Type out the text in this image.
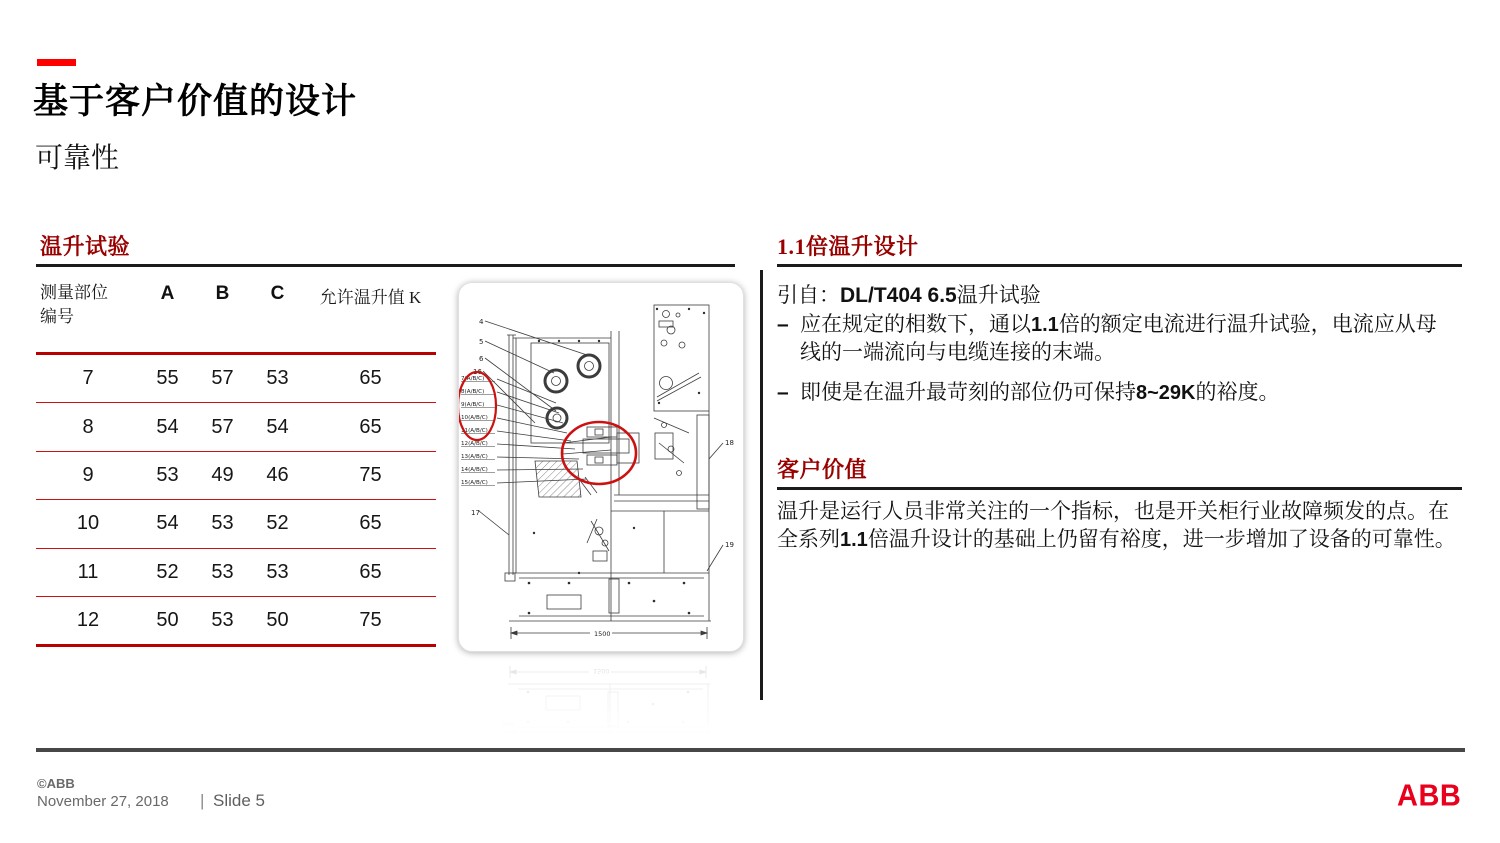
基于客户价值的设计
可靠性
温升试验
测量部位
编号
A	B	C	允许温升值 K
7	55	57	53	65
8	54	57	54	65
9	53	49	46	75
10	54	53	52	65
11	52	53	53	65
12	50	53	50	75
1.1倍温升设计
引自：DL/T404 6.5温升试验
– 应在规定的相数下，通以1.1倍的额定电流进行温升试验，电流应从母线的一端流向与电缆连接的末端。
– 即使是在温升最苛刻的部位仍可保持8~29K的裕度。
客户价值
温升是运行人员非常关注的一个指标，也是开关柜行业故障频发的点。在全系列1.1倍温升设计的基础上仍留有裕度，进一步增加了设备的可靠性。
©ABB
November 27, 2018 | Slide 5	ABB
